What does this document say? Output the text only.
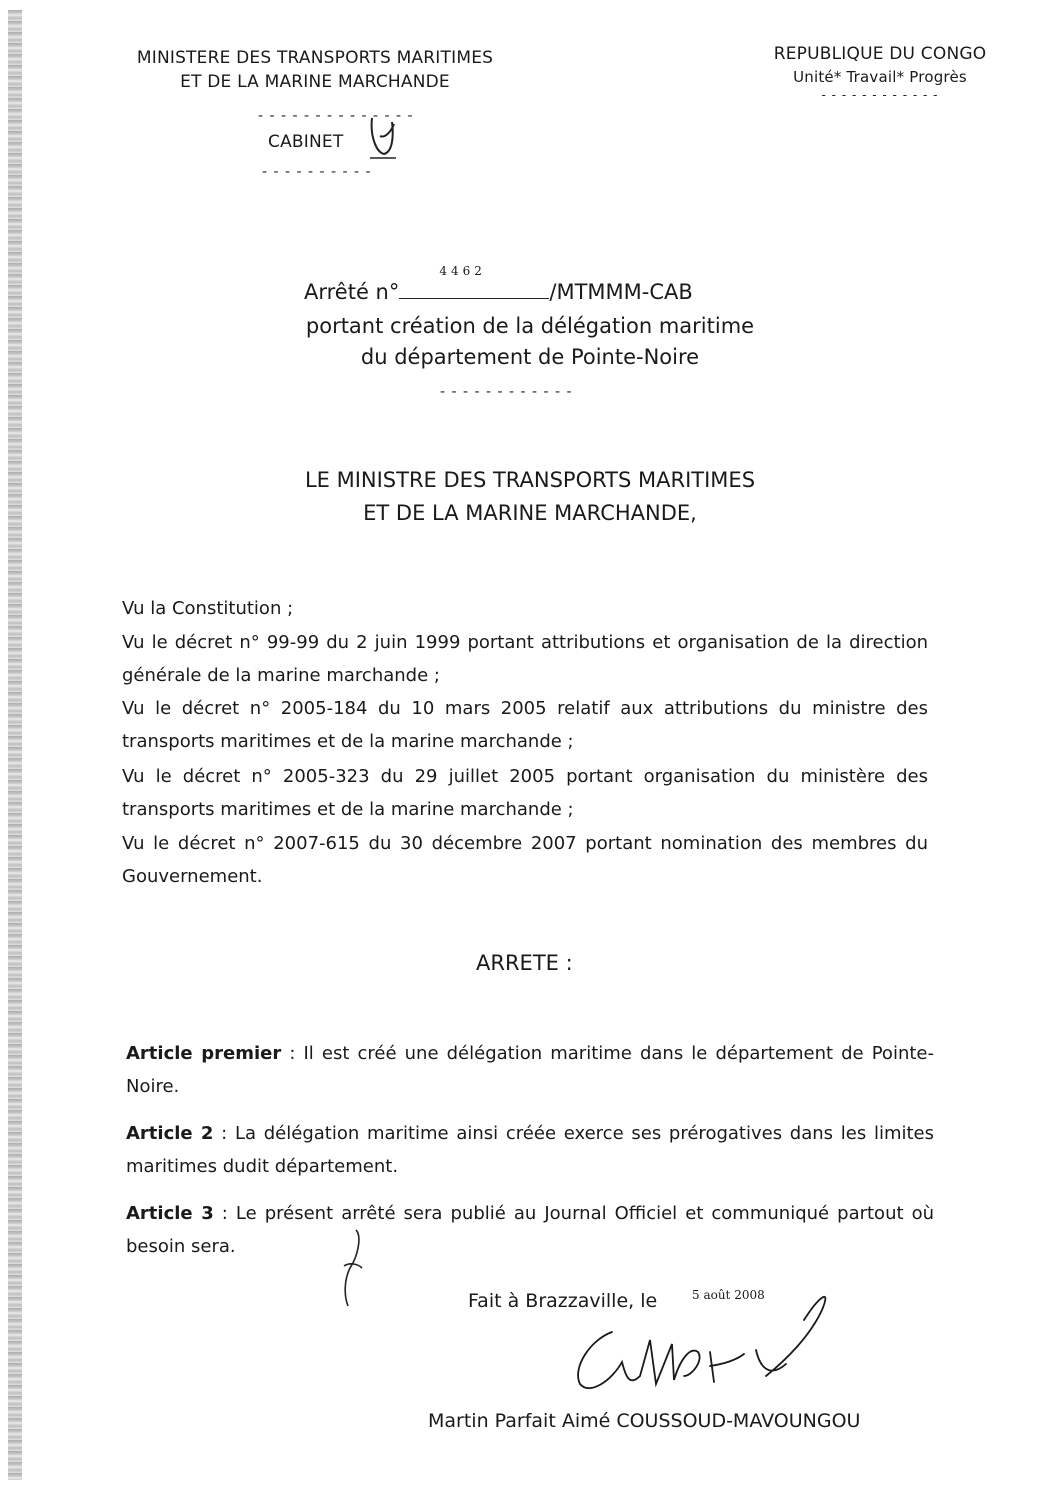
MINISTERE DES TRANSPORTS MARITIMES
ET DE LA MARINE MARCHANDE
- - - - - - - - - - - - - -
CABINET
- - - - - - - - - -
REPUBLIQUE DU CONGO
Unité* Travail* Progrès
- - - - - - - - - - - -
Arrêté n°
4462
/MTMMM-CAB
portant création de la délégation maritime
du département de Pointe-Noire
- - - - - - - - - - - -
LE MINISTRE DES TRANSPORTS MARITIMES
ET DE LA MARINE MARCHANDE,
Vu la Constitution ;
Vu le décret n° 99-99 du 2 juin 1999 portant attributions et organisation de la direction générale de la marine marchande ;
Vu le décret n° 2005-184 du 10 mars 2005 relatif aux attributions du ministre des transports maritimes et de la marine marchande ;
Vu le décret n° 2005-323 du 29 juillet 2005 portant organisation du ministère des transports maritimes et de la marine marchande ;
Vu le décret n° 2007-615 du 30 décembre 2007 portant nomination des membres du Gouvernement.
ARRETE :
Article premier : Il est créé une délégation maritime dans le département de Pointe-Noire.
Article 2 : La délégation maritime ainsi créée exerce ses prérogatives dans les limites maritimes dudit département.
Article 3 : Le présent arrêté sera publié au Journal Officiel et communiqué partout où besoin sera.
Fait à Brazzaville, le	5 août 2008
Martin Parfait Aimé COUSSOUD-MAVOUNGOU
